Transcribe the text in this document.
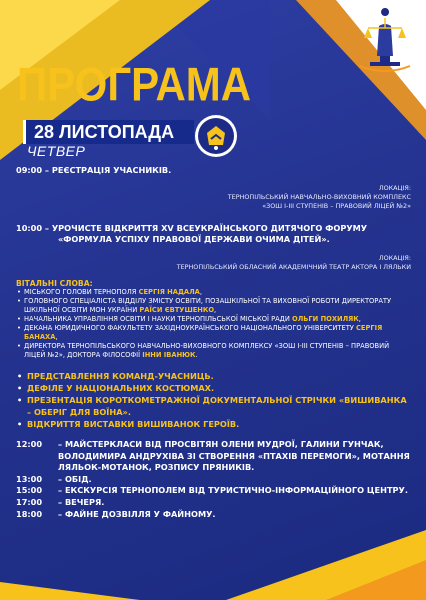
ПРОГРАМА
28 ЛИСТОПАДА
ЧЕТВЕР
09:00 – РЕЄСТРАЦІЯ УЧАСНИКІВ.
ЛОКАЦІЯ:
ТЕРНОПІЛЬСЬКИЙ НАВЧАЛЬНО-ВИХОВНИЙ КОМПЛЕКС
«ЗОШ І-ІІІ СТУПЕНІВ – ПРАВОВИЙ ЛІЦЕЙ №2»
10:00 – УРОЧИСТЕ ВІДКРИТТЯ XV ВСЕУКРАЇНСЬКОГО ДИТЯЧОГО ФОРУМУ
«ФОРМУЛА УСПІХУ ПРАВОВОЇ ДЕРЖАВИ ОЧИМА ДІТЕЙ».
ЛОКАЦІЯ:
ТЕРНОПІЛЬСЬКИЙ ОБЛАСНИЙ АКАДЕМІЧНИЙ ТЕАТР АКТОРА І ЛЯЛЬКИ
ВІТАЛЬНІ СЛОВА:
• МІСЬКОГО ГОЛОВИ ТЕРНОПОЛЯ СЕРГІЯ НАДАЛА,
• ГОЛОВНОГО СПЕЦІАЛІСТА ВІДДІЛУ ЗМІСТУ ОСВІТИ, ПОЗАШКІЛЬНОЇ ТА ВИХОВНОЇ РОБОТИ ДИРЕКТОРАТУ ШКІЛЬНОЇ ОСВІТИ МОН УКРАЇНИ РАЇСИ ЄВТУШЕНКО,
• НАЧАЛЬНИКА УПРАВЛІННЯ ОСВІТИ І НАУКИ ТЕРНОПІЛЬСЬКОЇ МІСЬКОЇ РАДИ ОЛЬГИ ПОХИЛЯК,
• ДЕКАНА ЮРИДИЧНОГО ФАКУЛЬТЕТУ ЗАХІДНОУКРАЇНСЬКОГО НАЦІОНАЛЬНОГО УНІВЕРСИТЕТУ СЕРГІЯ БАНАХА,
• ДИРЕКТОРА ТЕРНОПІЛЬСЬКОГО НАВЧАЛЬНО-ВИХОВНОГО КОМПЛЕКСУ «ЗОШ І-ІІІ СТУПЕНІВ – ПРАВОВИЙ ЛІЦЕЙ №2», ДОКТОРА ФІЛОСОФІЇ ІННИ ІВАНЮК.
• ПРЕДСТАВЛЕННЯ КОМАНД-УЧАСНИЦЬ.
• ДЕФІЛЕ У НАЦІОНАЛЬНИХ КОСТЮМАХ.
• ПРЕЗЕНТАЦІЯ КОРОТКОМЕТРАЖНОЇ ДОКУМЕНТАЛЬНОЇ СТРІЧКИ «ВИШИВАНКА – ОБЕРІГ ДЛЯ ВОЇНА».
• ВІДКРИТТЯ ВИСТАВКИ ВИШИВАНОК ГЕРОЇВ.
12:00	– МАЙСТЕРКЛАСИ ВІД ПРОСВІТЯН ОЛЕНИ МУДРОЇ, ГАЛИНИ ГУНЧАК, ВОЛОДИМИРА АНДРУХІВА ЗІ СТВОРЕННЯ «ПТАХІВ ПЕРЕМОГИ», МОТАННЯ ЛЯЛЬОК-МОТАНОК, РОЗПИСУ ПРЯНИКІВ.
13:00	– ОБІД.
15:00	– ЕКСКУРСІЯ ТЕРНОПОЛЕМ ВІД ТУРИСТИЧНО-ІНФОРМАЦІЙНОГО ЦЕНТРУ.
17:00	– ВЕЧЕРЯ.
18:00	– ФАЙНЕ ДОЗВІЛЛЯ У ФАЙНОМУ.
